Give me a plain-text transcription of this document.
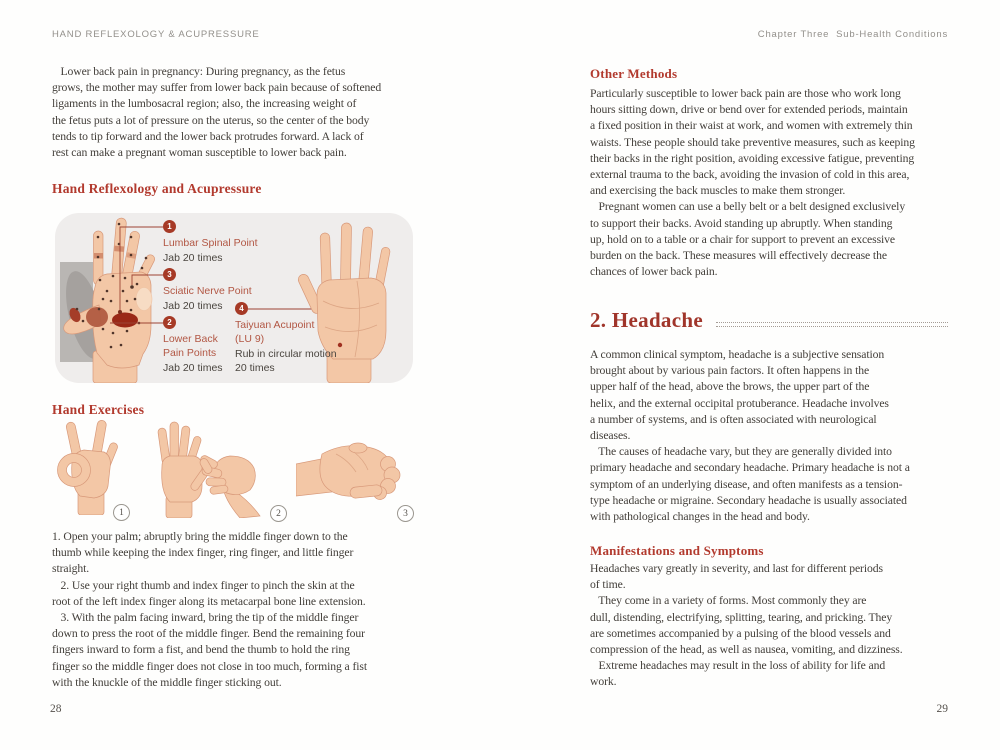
HAND REFLEXOLOGY & ACUPRESSURE
Lower back pain in pregnancy: During pregnancy, as the fetus
grows, the mother may suffer from lower back pain because of softened
ligaments in the lumbosacral region; also, the increasing weight of
the fetus puts a lot of pressure on the uterus, so the center of the body
tends to tip forward and the lower back protrudes forward. A lack of
rest can make a pregnant woman susceptible to lower back pain.
Hand Reflexology and Acupressure
1
Lumbar Spinal Point
Jab 20 times
3
Sciatic Nerve Point
Jab 20 times
2
Lower Back Pain Points
Jab 20 times
4
Taiyuan Acupoint (LU 9)
Rub in circular motion 20 times
Hand Exercises
1	2	3
1. Open your palm; abruptly bring the middle finger down to the
thumb while keeping the index finger, ring finger, and little finger
straight.
2. Use your right thumb and index finger to pinch the skin at the
root of the left index finger along its metacarpal bone line extension.
3. With the palm facing inward, bring the tip of the middle finger
down to press the root of the middle finger. Bend the remaining four
fingers inward to form a fist, and bend the thumb to hold the ring
finger so the middle finger does not close in too much, forming a fist
with the knuckle of the middle finger sticking out.
28
Chapter Three  Sub-Health Conditions
Other Methods
Particularly susceptible to lower back pain are those who work long
hours sitting down, drive or bend over for extended periods, maintain
a fixed position in their waist at work, and women with extremely thin
waists. These people should take preventive measures, such as keeping
their backs in the right position, avoiding excessive fatigue, preventing
external trauma to the back, avoiding the invasion of cold in this area,
and exercising the back muscles to make them stronger.
Pregnant women can use a belly belt or a belt designed exclusively
to support their backs. Avoid standing up abruptly. When standing
up, hold on to a table or a chair for support to prevent an excessive
burden on the back. These measures will effectively decrease the
chances of lower back pain.
2. Headache
A common clinical symptom, headache is a subjective sensation
brought about by various pain factors. It often happens in the
upper half of the head, above the brows, the upper part of the
helix, and the external occipital protuberance. Headache involves
a number of systems, and is often associated with neurological
diseases.
The causes of headache vary, but they are generally divided into
primary headache and secondary headache. Primary headache is not a
symptom of an underlying disease, and often manifests as a tension-
type headache or migraine. Secondary headache is usually associated
with pathological changes in the head and body.
Manifestations and Symptoms
Headaches vary greatly in severity, and last for different periods
of time.
They come in a variety of forms. Most commonly they are
dull, distending, electrifying, splitting, tearing, and pricking. They
are sometimes accompanied by a pulsing of the blood vessels and
compression of the head, as well as nausea, vomiting, and dizziness.
Extreme headaches may result in the loss of ability for life and
work.
29
